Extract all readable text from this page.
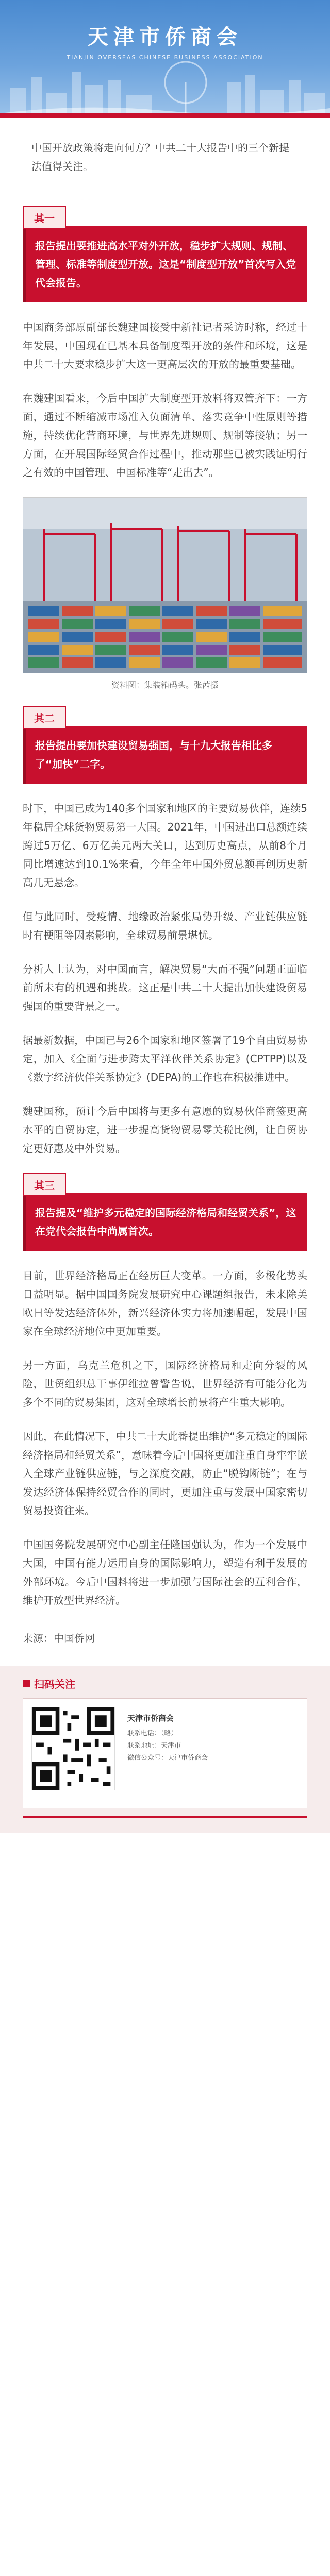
天津市侨商会
TIANJIN OVERSEAS CHINESE BUSINESS ASSOCIATION
中国开放政策将走向何方？中共二十大报告中的三个新提法值得关注。
其一
报告提出要推进高水平对外开放，稳步扩大规则、规制、管理、标准等制度型开放。这是“制度型开放”首次写入党代会报告。

中国商务部原副部长魏建国接受中新社记者采访时称，经过十年发展，中国现在已基本具备制度型开放的条件和环境，这是中共二十大要求稳步扩大这一更高层次的开放的最重要基础。

在魏建国看来，今后中国扩大制度型开放料将双管齐下：一方面，通过不断缩减市场准入负面清单、落实竞争中性原则等措施，持续优化营商环境，与世界先进规则、规制等接轨；另一方面，在开展国际经贸合作过程中，推动那些已被实践证明行之有效的中国管理、中国标准等“走出去”。

资料图：集装箱码头。张茜摄
其二
报告提出要加快建设贸易强国，与十九大报告相比多了“加快”二字。

时下，中国已成为140多个国家和地区的主要贸易伙伴，连续5年稳居全球货物贸易第一大国。2021年，中国进出口总额连续跨过5万亿、6万亿美元两大关口，达到历史高点，从前8个月同比增速达到10.1%来看，今年全年中国外贸总额再创历史新高几无悬念。

但与此同时，受疫情、地缘政治紧张局势升级、产业链供应链时有梗阻等因素影响，全球贸易前景堪忧。

分析人士认为，对中国而言，解决贸易“大而不强”问题正面临前所未有的机遇和挑战。这正是中共二十大提出加快建设贸易强国的重要背景之一。

据最新数据，中国已与26个国家和地区签署了19个自由贸易协定，加入《全面与进步跨太平洋伙伴关系协定》(CPTPP)以及《数字经济伙伴关系协定》(DEPA)的工作也在积极推进中。

魏建国称，预计今后中国将与更多有意愿的贸易伙伴商签更高水平的自贸协定，进一步提高货物贸易零关税比例，让自贸协定更好惠及中外贸易。

其三
报告提及“维护多元稳定的国际经济格局和经贸关系”，这在党代会报告中尚属首次。

目前，世界经济格局正在经历巨大变革。一方面，多极化势头日益明显。据中国国务院发展研究中心课题组报告，未来除美欧日等发达经济体外，新兴经济体实力将加速崛起，发展中国家在全球经济地位中更加重要。

另一方面，乌克兰危机之下，国际经济格局和走向分裂的风险，世贸组织总干事伊维拉曾警告说，世界经济有可能分化为多个不同的贸易集团，这对全球增长前景将产生重大影响。

因此，在此情况下，中共二十大此番提出维护“多元稳定的国际经济格局和经贸关系”，意味着今后中国将更加注重自身牢牢嵌入全球产业链供应链，与之深度交融，防止“脱钩断链”；在与发达经济体保持经贸合作的同时，更加注重与发展中国家密切贸易投资往来。

中国国务院发展研究中心副主任隆国强认为，作为一个发展中大国，中国有能力运用自身的国际影响力，塑造有利于发展的外部环境。今后中国料将进一步加强与国际社会的互利合作，维护开放型世界经济。

来源：中国侨网
扫码关注
天津市侨商会
联系电话：（略）
联系地址：天津市
微信公众号：天津市侨商会
